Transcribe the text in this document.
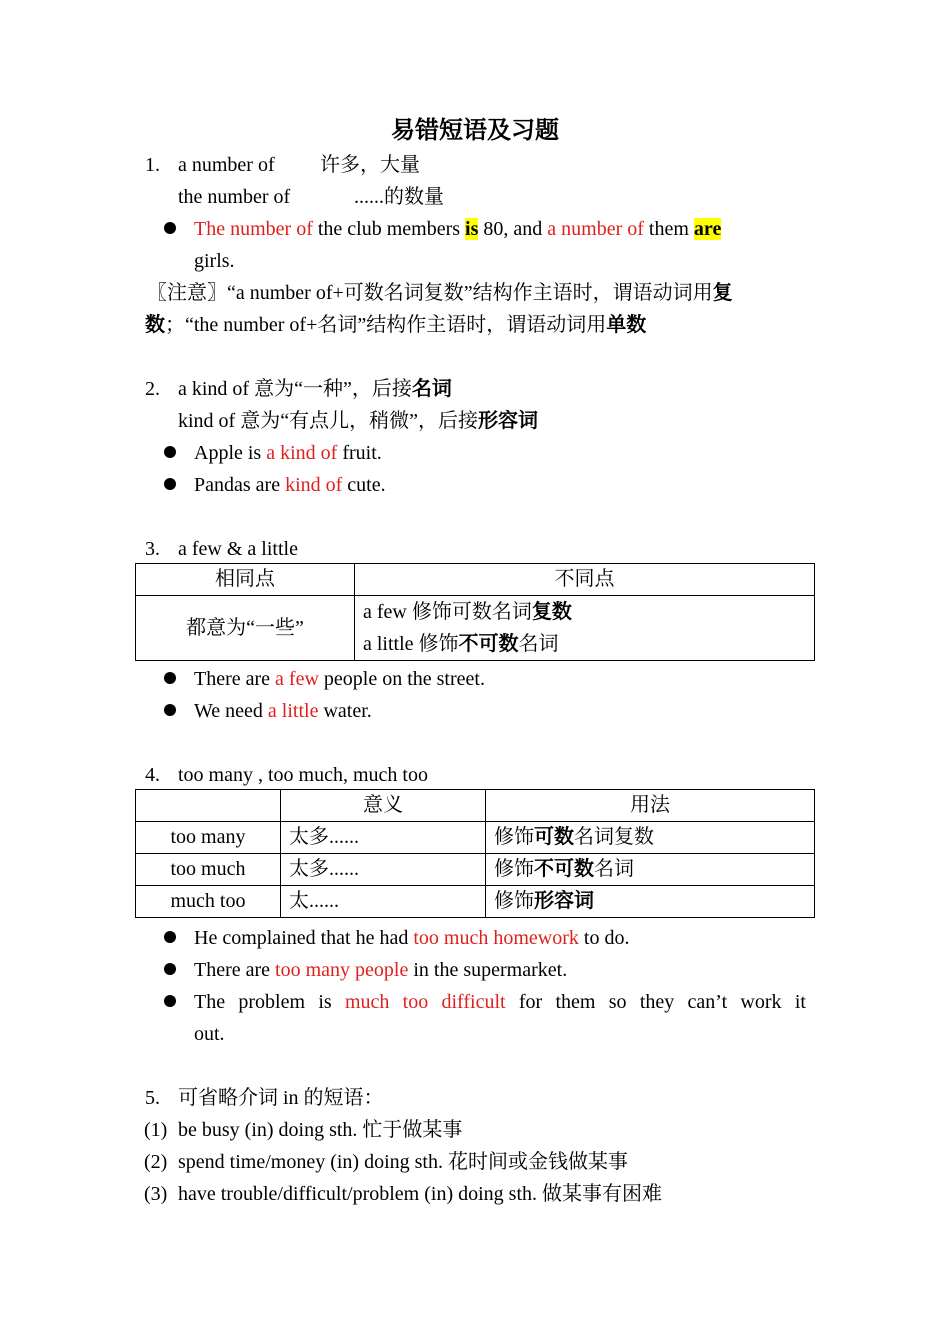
易错短语及习题
1. a number of 许多，大量
the number of	......的数量
The number of the club members is 80, and a number of them are
girls.
〖注意〗“a number of+可数名词复数”结构作主语时，谓语动词用复
数；“the number of+名词”结构作主语时，谓语动词用单数
2. a kind of 意为“一种”，后接名词
kind of 意为“有点儿，稍微”，后接形容词
Apple is a kind of fruit.
Pandas are kind of cute.
3. a few & a little
相同点	不同点
都意为“一些”	a few 修饰可数名词复数
a little 修饰不可数名词
There are a few people on the street.
We need a little water.
4. too many , too much, much too
	意义	用法
too many	太多......	修饰可数名词复数
too much	太多......	修饰不可数名词
much too	太......	修饰形容词
He complained that he had too much homework to do.
There are too many people in the supermarket.
The problem is much too difficult for them so they can’t work it
out.
5. 可省略介词 in 的短语：
(1) be busy (in) doing sth. 忙于做某事
(2) spend time/money (in) doing sth. 花时间或金钱做某事
(3) have trouble/difficult/problem (in) doing sth. 做某事有困难
